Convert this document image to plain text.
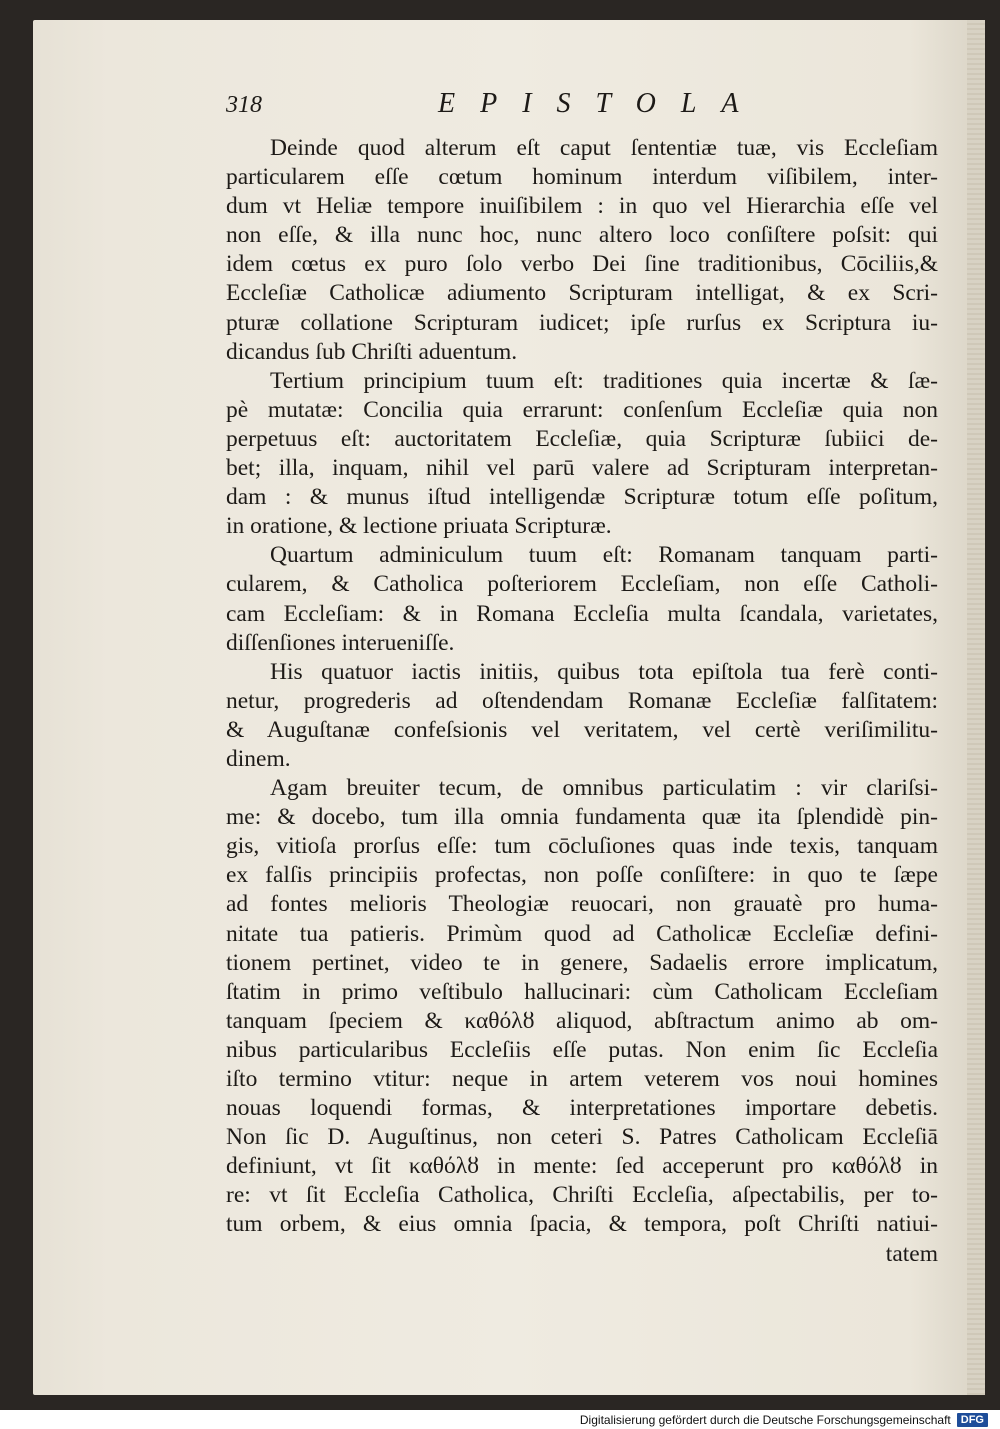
318	EPISTOLA
Deinde quod alterum eſt caput ſententiæ tuæ, vis Eccleſiam
particularem eſſe cœtum hominum interdum viſibilem, inter-
dum vt Heliæ tempore inuiſibilem : in quo vel Hierarchia eſſe vel
non eſſe, & illa nunc hoc, nunc altero loco conſiſtere poſsit: qui
idem cœtus ex puro ſolo verbo Dei ſine traditionibus, Cōciliis,&
Eccleſiæ Catholicæ adiumento Scripturam intelligat, & ex Scri-
pturæ collatione Scripturam iudicet; ipſe rurſus ex Scriptura iu-
dicandus ſub Chriſti aduentum.
Tertium principium tuum eſt: traditiones quia incertæ & ſæ-
pè mutatæ: Concilia quia errarunt: conſenſum Eccleſiæ quia non
perpetuus eſt: auctoritatem Eccleſiæ, quia Scripturæ ſubiici de-
bet; illa, inquam, nihil vel parū valere ad Scripturam interpretan-
dam : & munus iſtud intelligendæ Scripturæ totum eſſe poſitum,
in oratione, & lectione priuata Scripturæ.
Quartum adminiculum tuum eſt: Romanam tanquam parti-
cularem, & Catholica poſteriorem Eccleſiam, non eſſe Catholi-
cam Eccleſiam: & in Romana Eccleſia multa ſcandala, varietates,
diſſenſiones interueniſſe.
His quatuor iactis initiis, quibus tota epiſtola tua ferè conti-
netur, progrederis ad oſtendendam Romanæ Eccleſiæ falſitatem:
& Auguſtanæ confeſsionis vel veritatem, vel certè veriſimilitu-
dinem.
Agam breuiter tecum, de omnibus particulatim : vir clariſsi-
me: & docebo, tum illa omnia fundamenta quæ ita ſplendidè pin-
gis, vitioſa prorſus eſſe: tum cōcluſiones quas inde texis, tanquam
ex falſis principiis profectas, non poſſe conſiſtere: in quo te ſæpe
ad fontes melioris Theologiæ reuocari, non grauatè pro huma-
nitate tua patieris. Primùm quod ad Catholicæ Eccleſiæ defini-
tionem pertinet, video te in genere, Sadaelis errore implicatum,
ſtatim in primo veſtibulo hallucinari: cùm Catholicam Eccleſiam
tanquam ſpeciem & καθόλȣ aliquod, abſtractum animo ab om-
nibus particularibus Eccleſiis eſſe putas. Non enim ſic Eccleſia
iſto termino vtitur: neque in artem veterem vos noui homines
nouas loquendi formas, & interpretationes importare debetis.
Non ſic D. Auguſtinus, non ceteri S. Patres Catholicam Eccleſiā
definiunt, vt ſit καθόλȣ in mente: ſed acceperunt pro καθόλȣ in
re: vt ſit Eccleſia Catholica, Chriſti Eccleſia, aſpectabilis, per to-
tum orbem, & eius omnia ſpacia, & tempora, poſt Chriſti natiui-
tatem
Digitalisierung gefördert durch die Deutsche Forschungsgemeinschaft DFG
